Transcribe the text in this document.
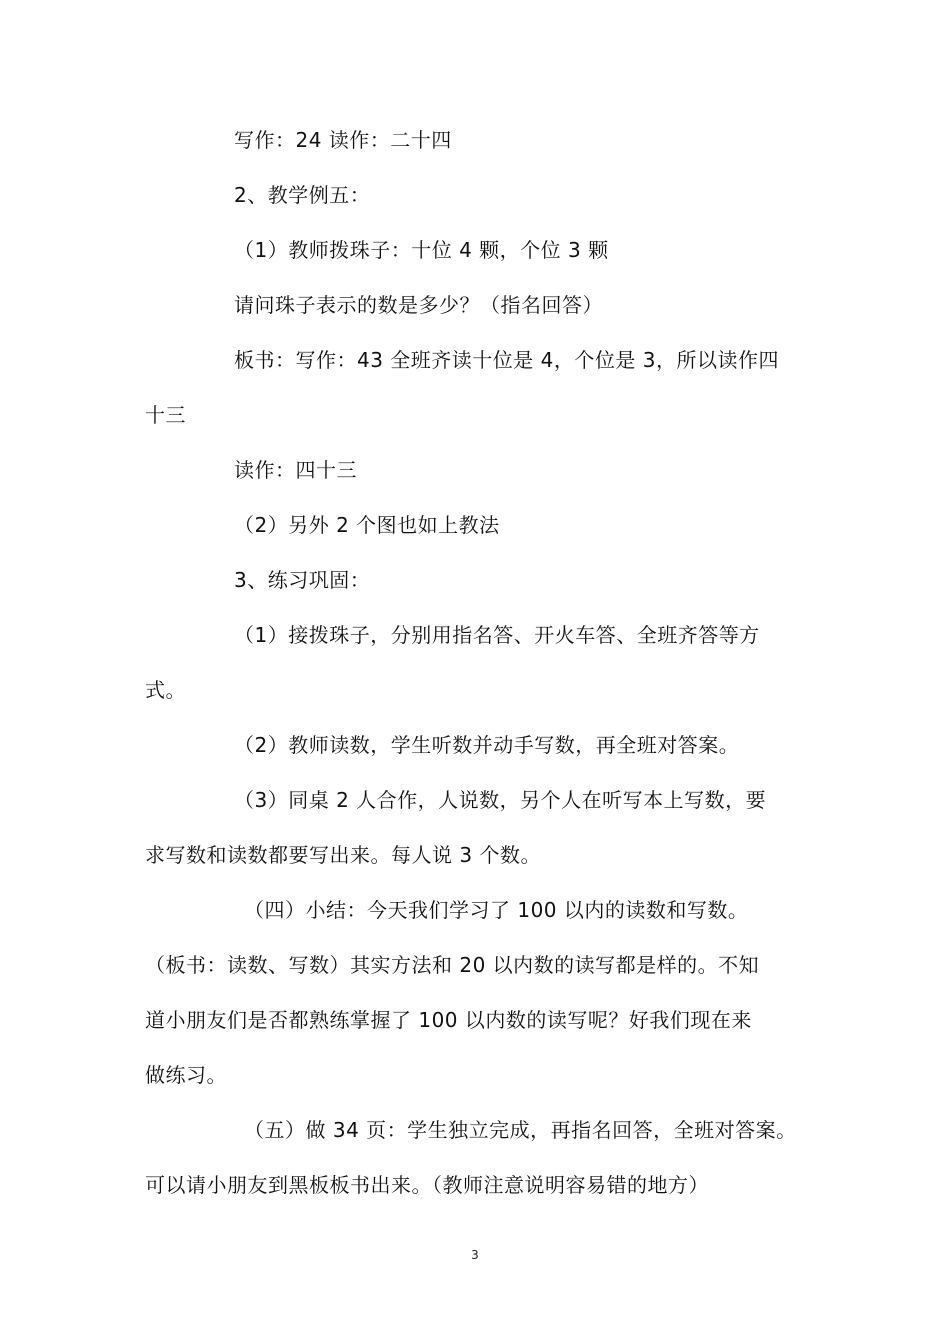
写作：24 读作：二十四
2、教学例五：
（1）教师拨珠子：十位 4 颗，个位 3 颗
请问珠子表示的数是多少？（指名回答）
板书：写作：43 全班齐读十位是 4，个位是 3，所以读作四
十三
读作：四十三
（2）另外 2 个图也如上教法
3、练习巩固：
（1）接拨珠子，分别用指名答、开火车答、全班齐答等方
式。
（2）教师读数，学生听数并动手写数，再全班对答案。
（3）同桌 2 人合作，人说数，另个人在听写本上写数，要
求写数和读数都要写出来。每人说 3 个数。
（四）小结：今天我们学习了 100 以内的读数和写数。
（板书：读数、写数）其实方法和 20 以内数的读写都是样的。不知
道小朋友们是否都熟练掌握了 100 以内数的读写呢？好我们现在来
做练习。
（五）做 34 页：学生独立完成，再指名回答，全班对答案。
可以请小朋友到黑板板书出来。（教师注意说明容易错的地方）
3
